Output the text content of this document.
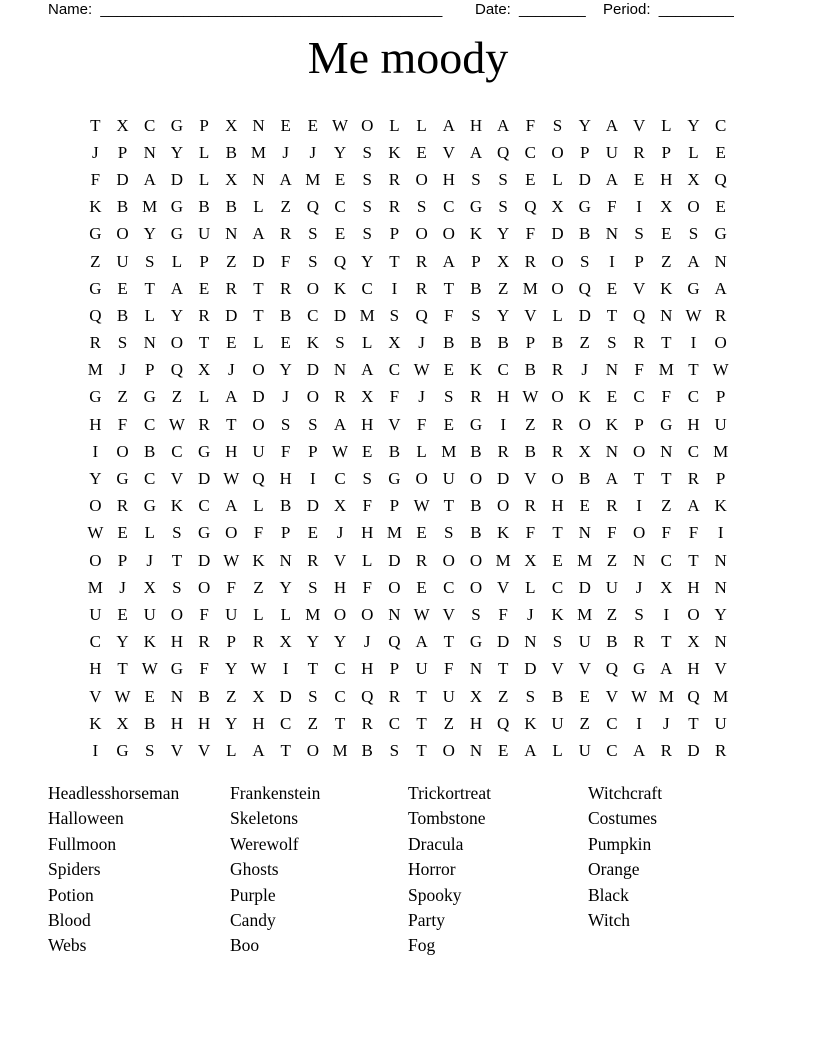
Name: _________________________________________ Date: ________ Period: _________
Me moody
T X C G P X N E E W O L L A H A F	S Y A V L Y C
J	P N Y L B M J	J	Y S K E V A Q C O P U R P	L E
F D A D L X N A M E	S R O H S	S	E L D A E H X Q
K B M G B B L Z Q C S R S C G S Q X G F	I	X O E
G O Y G U N A R S	E	S	P O O K Y F D B N S	E	S G
Z U S	L	P	Z D F	S Q Y T R A P X R O S	I	P	Z A N
G E T A E R T R O K C	I	R T B Z M O Q E V K G A
Q B L Y R D T B C D M S Q F	S Y V L D T Q N W R
R S N O T E L E K S	L X	J	B B B P B Z	S R T	I	O
M J	P Q X	J	O Y D N A C W E K C B R	J	N F M T W
G Z G Z L A D	J	O R X F	J	S R H W O K E C F C P
H F C W R T O S	S A H V F	E G	I	Z R O K P G H U
I	O B C G H U F	P W E B L M B R B R X N O N C M
Y G C V D W Q H	I	C S G O U O D V O B A T T R P
O R G K C A L B D X F	P W T B O R H E R	I	Z A K
W E L	S G O F	P	E	J	H M E	S B K F	T N F O F	F	I
O P	J	T D W K N R V L D R O O M X E M Z N C T N
M J	X S O F	Z Y S H F O E C O V L C D U	J	X H N
U E U O F U L L M O O N W V S	F	J	K M Z	S	I	O Y
C Y K H R P R X Y Y	J	Q A T G D N S U B R T X N
H T W G F Y W I	T C H P U F N T D V V Q G A H V
V W E N B Z X D S C Q R T U X Z	S B E V W M Q M
K X B H H Y H C Z T R C T Z H Q K U Z C	I	J	T U
I	G S V V L A T O M B S	T O N E A L U C A R D R
Headlesshorseman
Halloween
Fullmoon
Spiders
Potion
Blood
Webs
Frankenstein
Skeletons
Werewolf
Ghosts
Purple
Candy
Boo
Trickortreat
Tombstone
Dracula
Horror
Spooky
Party
Fog
Witchcraft
Costumes
Pumpkin
Orange
Black
Witch
